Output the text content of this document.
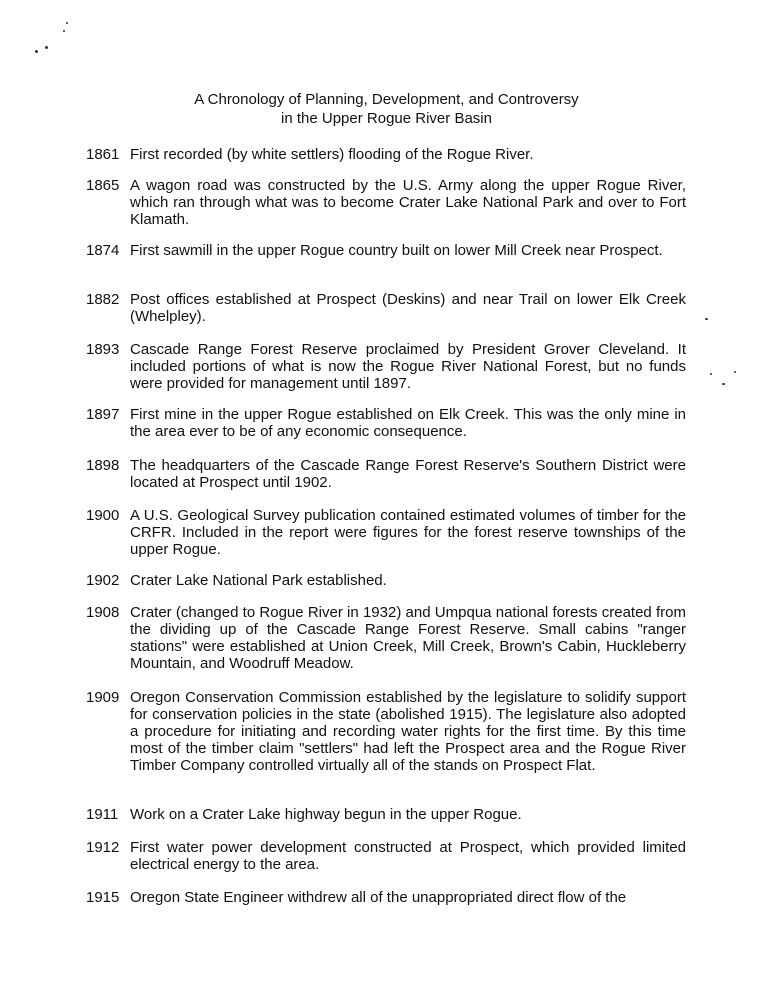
A Chronology of Planning, Development, and Controversy
in the Upper Rogue River Basin
1861 First recorded (by white settlers) flooding of the Rogue River.
1865 A wagon road was constructed by the U.S. Army along the upper Rogue River, which ran through what was to become Crater Lake National Park and over to Fort Klamath.
1874 First sawmill in the upper Rogue country built on lower Mill Creek near Prospect.
1882 Post offices established at Prospect (Deskins) and near Trail on lower Elk Creek (Whelpley).
1893 Cascade Range Forest Reserve proclaimed by President Grover Cleveland. It included portions of what is now the Rogue River National Forest, but no funds were provided for management until 1897.
1897 First mine in the upper Rogue established on Elk Creek. This was the only mine in the area ever to be of any economic consequence.
1898 The headquarters of the Cascade Range Forest Reserve's Southern District were located at Prospect until 1902.
1900 A U.S. Geological Survey publication contained estimated volumes of timber for the CRFR. Included in the report were figures for the forest reserve townships of the upper Rogue.
1902 Crater Lake National Park established.
1908 Crater (changed to Rogue River in 1932) and Umpqua national forests created from the dividing up of the Cascade Range Forest Reserve. Small cabins "ranger stations" were established at Union Creek, Mill Creek, Brown's Cabin, Huckleberry Mountain, and Woodruff Meadow.
1909 Oregon Conservation Commission established by the legislature to solidify support for conservation policies in the state (abolished 1915). The legislature also adopted a procedure for initiating and recording water rights for the first time. By this time most of the timber claim "settlers" had left the Prospect area and the Rogue River Timber Company controlled virtually all of the stands on Prospect Flat.
1911 Work on a Crater Lake highway begun in the upper Rogue.
1912 First water power development constructed at Prospect, which provided limited electrical energy to the area.
1915 Oregon State Engineer withdrew all of the unappropriated direct flow of the
